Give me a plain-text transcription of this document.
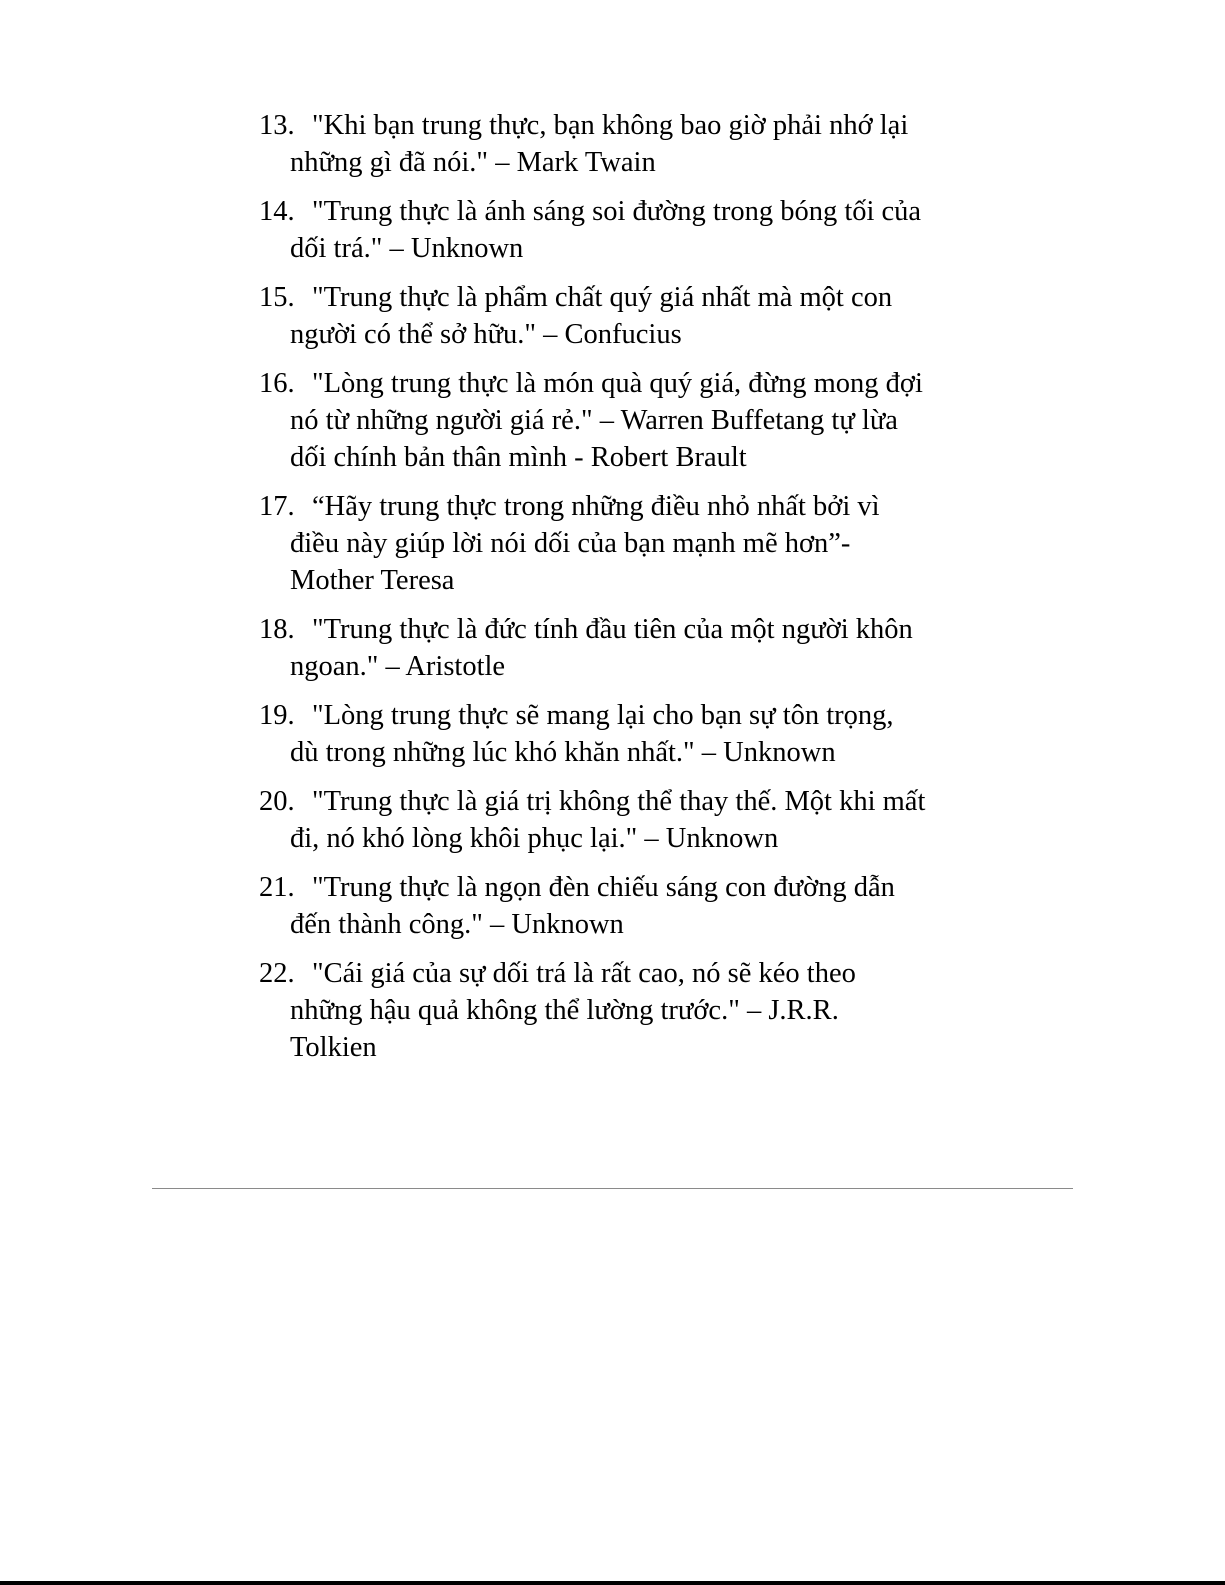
13. "Khi bạn trung thực, bạn không bao giờ phải nhớ lại
những gì đã nói." – Mark Twain
14. "Trung thực là ánh sáng soi đường trong bóng tối của
dối trá." – Unknown
15. "Trung thực là phẩm chất quý giá nhất mà một con
người có thể sở hữu." – Confucius
16. "Lòng trung thực là món quà quý giá, đừng mong đợi
nó từ những người giá rẻ." – Warren Buffetang tự lừa
dối chính bản thân mình - Robert Brault
17. “Hãy trung thực trong những điều nhỏ nhất bởi vì
điều này giúp lời nói dối của bạn mạnh mẽ hơn”-
Mother Teresa
18. "Trung thực là đức tính đầu tiên của một người khôn
ngoan." – Aristotle
19. "Lòng trung thực sẽ mang lại cho bạn sự tôn trọng,
dù trong những lúc khó khăn nhất." – Unknown
20. "Trung thực là giá trị không thể thay thế. Một khi mất
đi, nó khó lòng khôi phục lại." – Unknown
21. "Trung thực là ngọn đèn chiếu sáng con đường dẫn
đến thành công." – Unknown
22. "Cái giá của sự dối trá là rất cao, nó sẽ kéo theo
những hậu quả không thể lường trước." – J.R.R.
Tolkien
